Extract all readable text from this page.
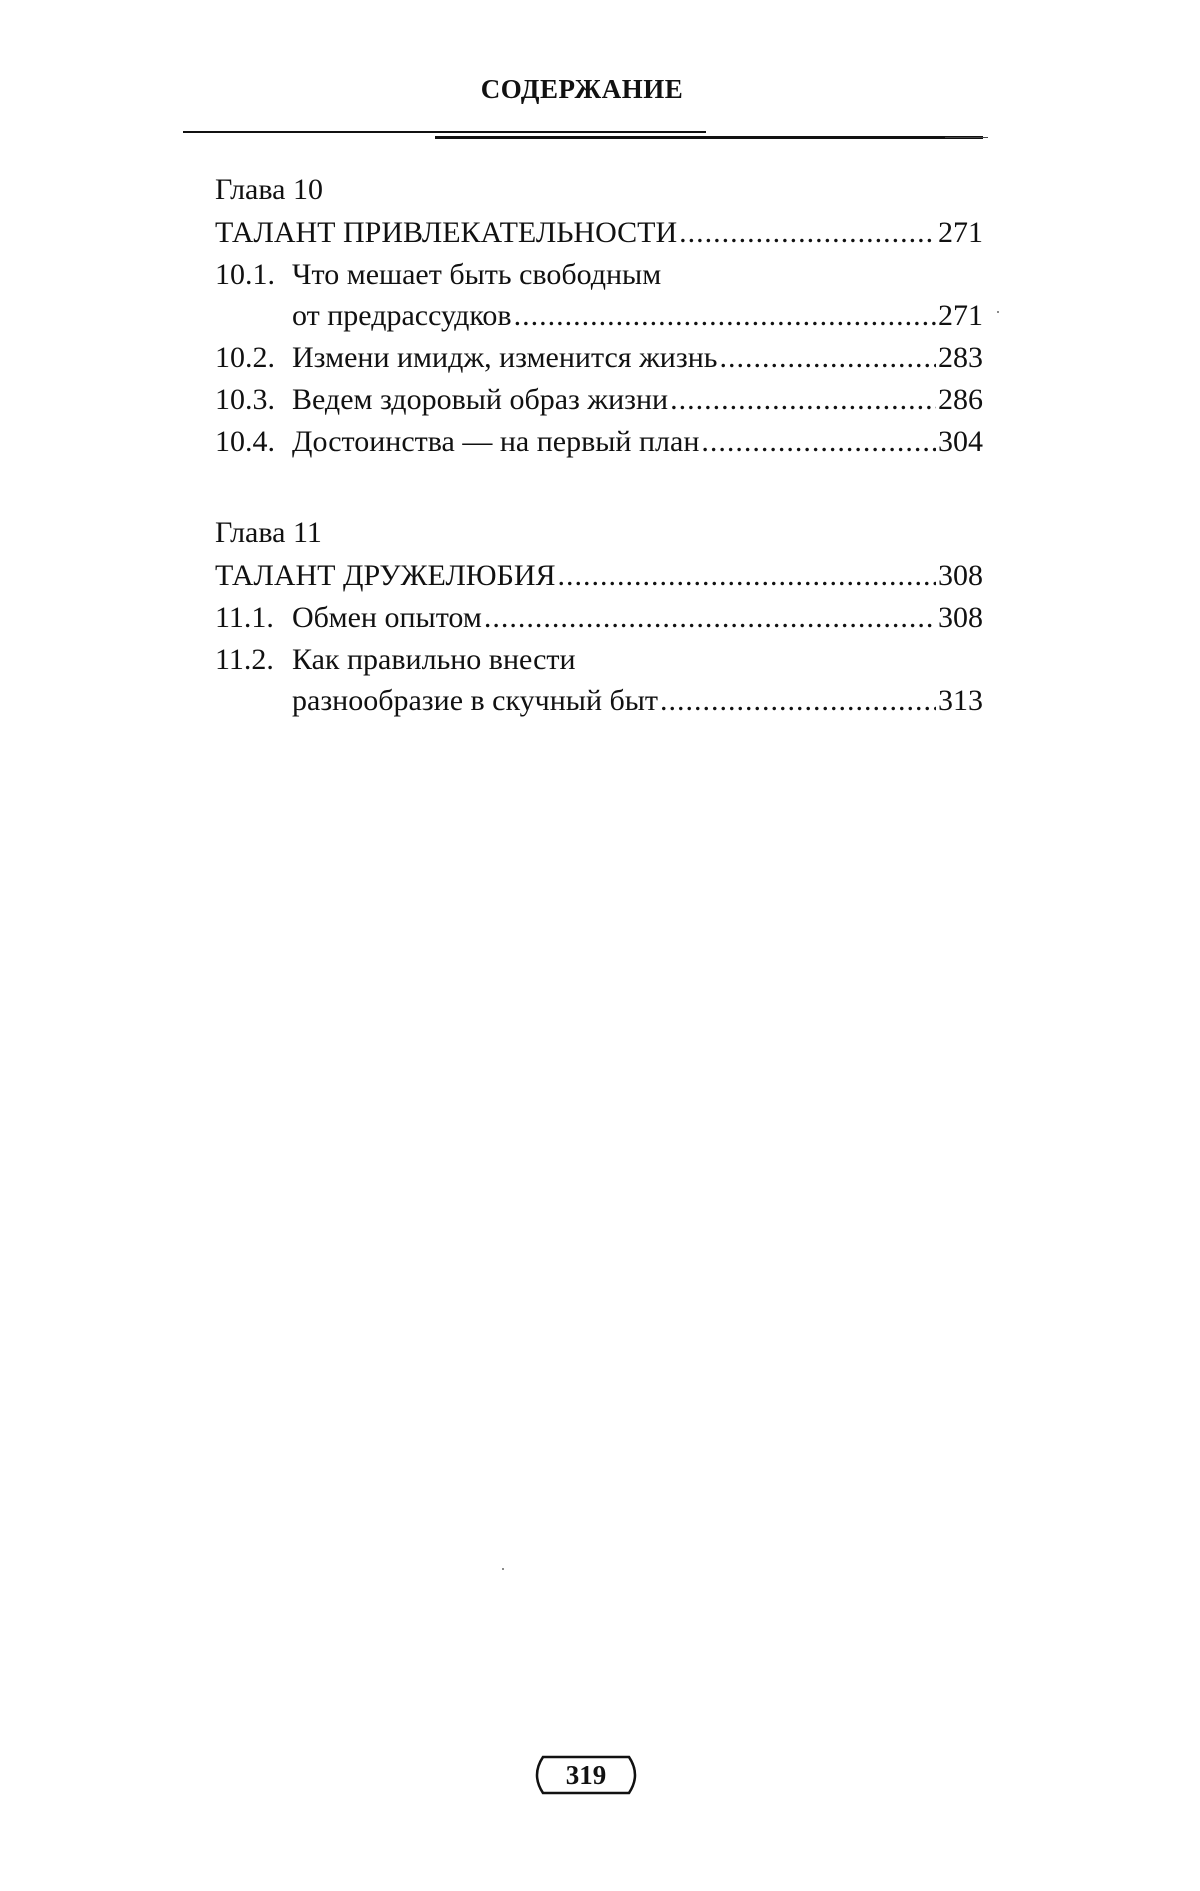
СОДЕРЖАНИЕ
Глава 10
ТАЛАНТ ПРИВЛЕКАТЕЛЬНОСТИ .....	271
10.1. Что мешает быть свободным
от предрассудков .....	271
10.2. Измени имидж, изменится жизнь .....	283
10.3. Ведем здоровый образ жизни .....	286
10.4. Достоинства — на первый план .....	304
Глава 11
ТАЛАНТ ДРУЖЕЛЮБИЯ .....	308
11.1. Обмен опытом .....	308
11.2. Как правильно внести
разнообразие в скучный быт .....	313
319
